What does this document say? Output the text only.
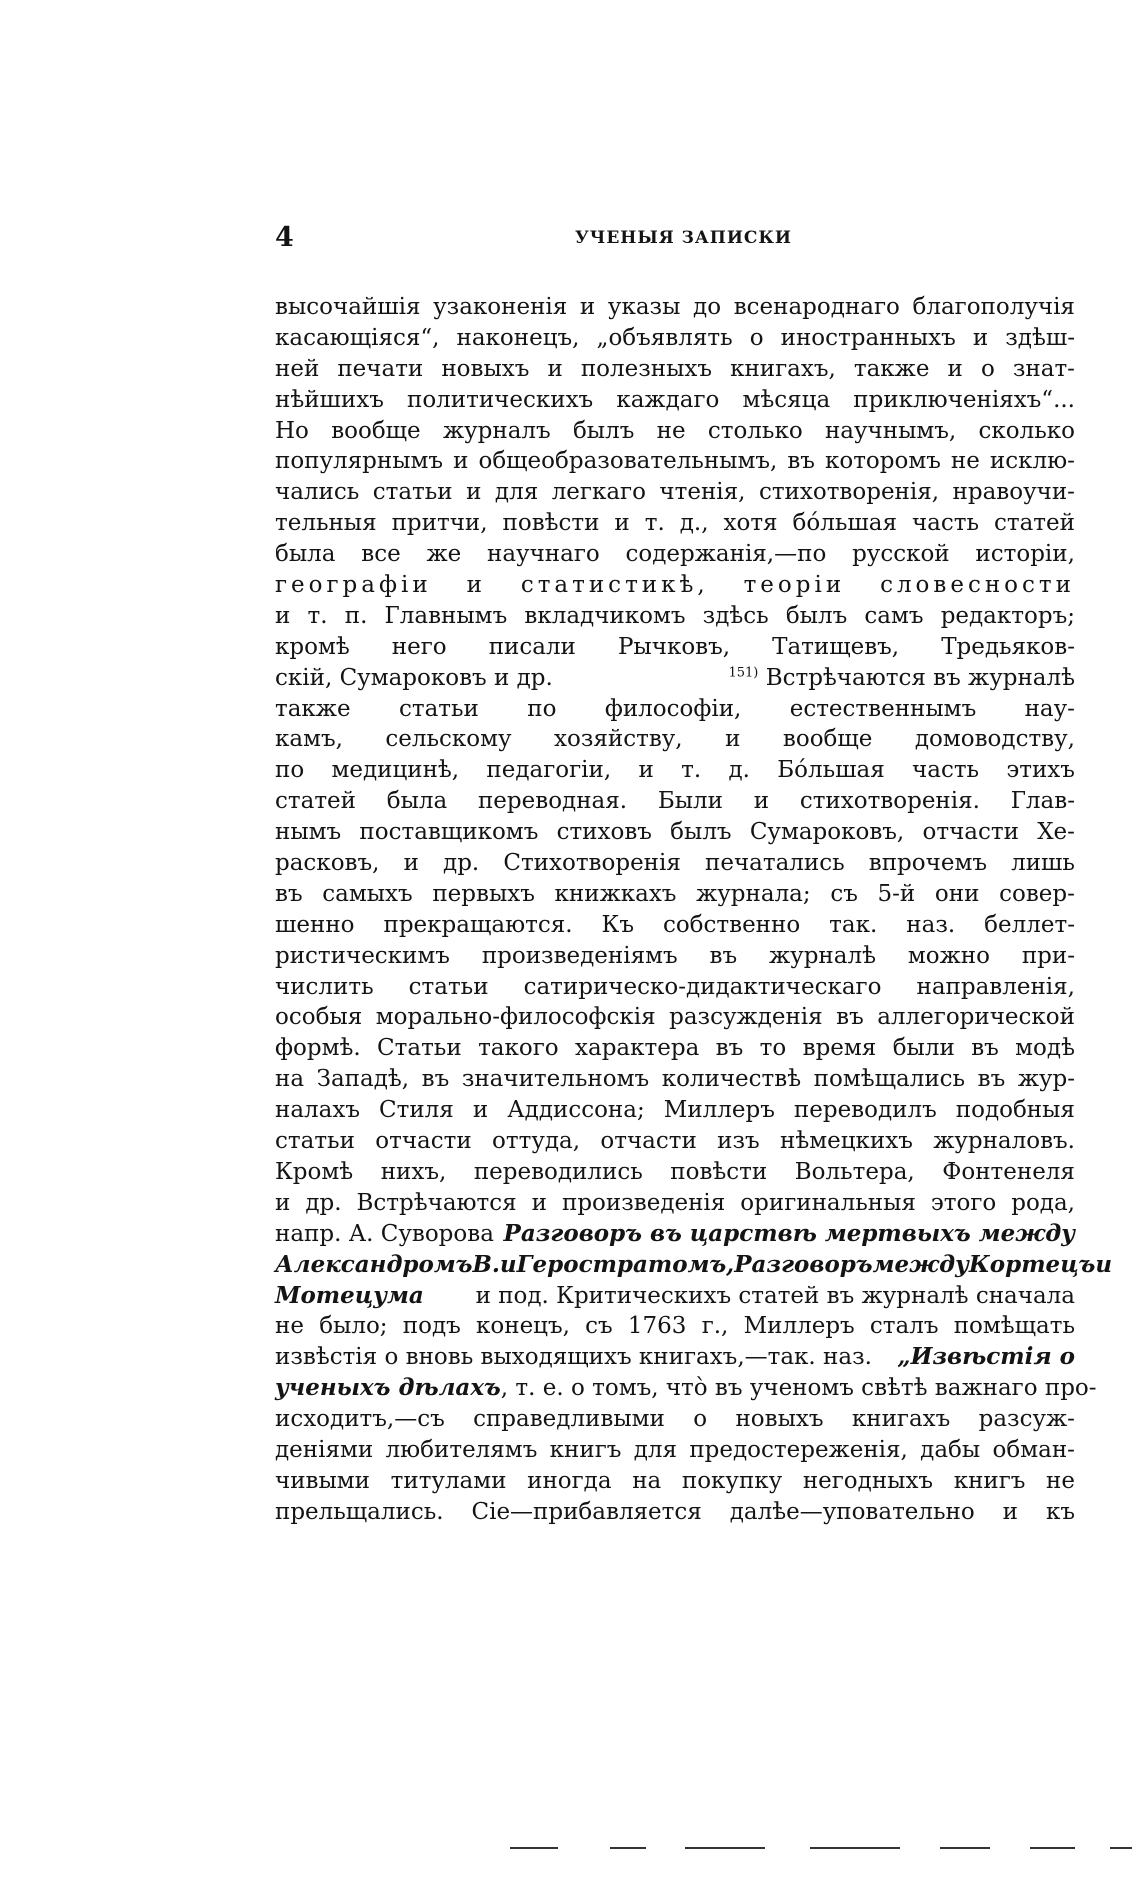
4	УЧЕНЫЯ ЗАПИСКИ
высочайшія узаконенія и указы до всенароднаго благополучія
касающіяся“, наконецъ, „объявлять о иностранныхъ и здѣш-
ней печати новыхъ и полезныхъ книгахъ, также и о знат-
нѣйшихъ политическихъ каждаго мѣсяца приключеніяхъ“...
Но вообще журналъ былъ не столько научнымъ, сколько
популярнымъ и общеобразовательнымъ, въ которомъ не исклю-
чались статьи и для легкаго чтенія, стихотворенія, нравоучи-
тельныя притчи, повѣсти и т. д., хотя бо́льшая часть статей
была все же научнаго содержанія,—по русской исторіи,
географіи и статистикѣ, теоріи словесности
и т. п. Главнымъ вкладчикомъ здѣсь былъ самъ редакторъ;
кромѣ него писали Рычковъ, Татищевъ, Тредьяков-
скій, Сумароковъ и др.	$^{151)}$ Встрѣчаются въ журналѣ
также статьи по философіи, естественнымъ нау-
камъ, сельскому хозяйству, и вообще домоводству,
по медицинѣ, педагогіи, и т. д. Бо́льшая часть этихъ
статей была переводная. Были и стихотворенія. Глав-
нымъ поставщикомъ стиховъ былъ Сумароковъ, отчасти Хе-
расковъ, и др. Стихотворенія печатались впрочемъ лишь
въ самыхъ первыхъ книжкахъ журнала; съ 5-й они совер-
шенно прекращаются. Къ собственно так. наз. беллет-
ристическимъ произведеніямъ въ журналѣ можно при-
числить статьи сатирическо-дидактическаго направленія,
особыя морально-философскія разсужденія въ аллегорической
формѣ. Статьи такого характера въ то время были въ модѣ
на Западѣ, въ значительномъ количествѣ помѣщались въ жур-
налахъ Стиля и Аддиссона; Миллеръ переводилъ подобныя
статьи отчасти оттуда, отчасти изъ нѣмецкихъ журналовъ.
Кромѣ нихъ, переводились повѣсти Вольтера, Фонтенеля
и др. Встрѣчаются и произведенія оригинальныя этого рода,
напр. А. Суворова Разговоръ въ царствѣ мертвыхъ между
Александромъ В. и Геростратомъ, Разговоръ между Кортецъ и
Мотецума и под. Критическихъ статей въ журналѣ сначала
не было; подъ конецъ, съ 1763 г., Миллеръ сталъ помѣщать
извѣстія о вновь выходящихъ книгахъ,—так. наз. „Извѣстія о
ученыхъ дѣлахъ, т. е. о томъ, что̀ въ ученомъ свѣтѣ важнаго про-
исходитъ,—съ справедливыми о новыхъ книгахъ разсуж-
деніями любителямъ книгъ для предостереженія, дабы обман-
чивыми титулами иногда на покупку негодныхъ книгъ не
прельщались. Сіе—прибавляется далѣе—уповательно и къ
